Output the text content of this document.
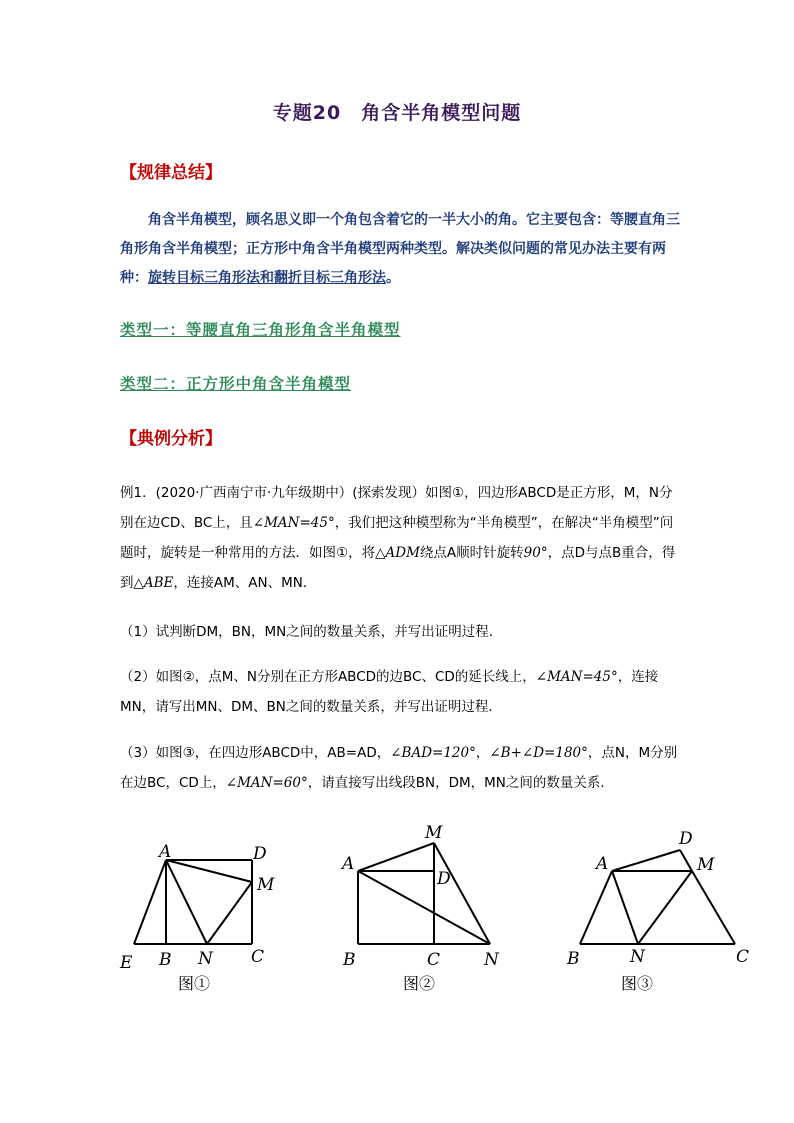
专题20　角含半角模型问题
【规律总结】
角含半角模型，顾名思义即一个角包含着它的一半大小的角。它主要包含：等腰直角三角形角含半角模型；正方形中角含半角模型两种类型。解决类似问题的常见办法主要有两种：旋转目标三角形法和翻折目标三角形法。
类型一：等腰直角三角形角含半角模型
类型二：正方形中角含半角模型
【典例分析】
例1．(2020·广西南宁市·九年级期中）(探索发现）如图①，四边形ABCD是正方形，M，N分别在边CD、BC上，且∠MAN=45°，我们把这种模型称为“半角模型”，在解决“半角模型”问题时，旋转是一种常用的方法．如图①，将△ADM绕点A顺时针旋转90°，点D与点B重合，得到△ABE，连接AM、AN、MN．
（1）试判断DM，BN，MN之间的数量关系，并写出证明过程．
（2）如图②，点M、N分别在正方形ABCD的边BC、CD的延长线上，∠MAN=45°，连接MN，请写出MN、DM、BN之间的数量关系，并写出证明过程．
（3）如图③，在四边形ABCD中，AB=AD，∠BAD=120°，∠B+∠D=180°，点N，M分别在边BC，CD上，∠MAN=60°，请直接写出线段BN，DM，MN之间的数量关系．
A	D
M
E B N C
图①
M
A
D
B	C	N
图②
D
A	M
B	N	C
图③
